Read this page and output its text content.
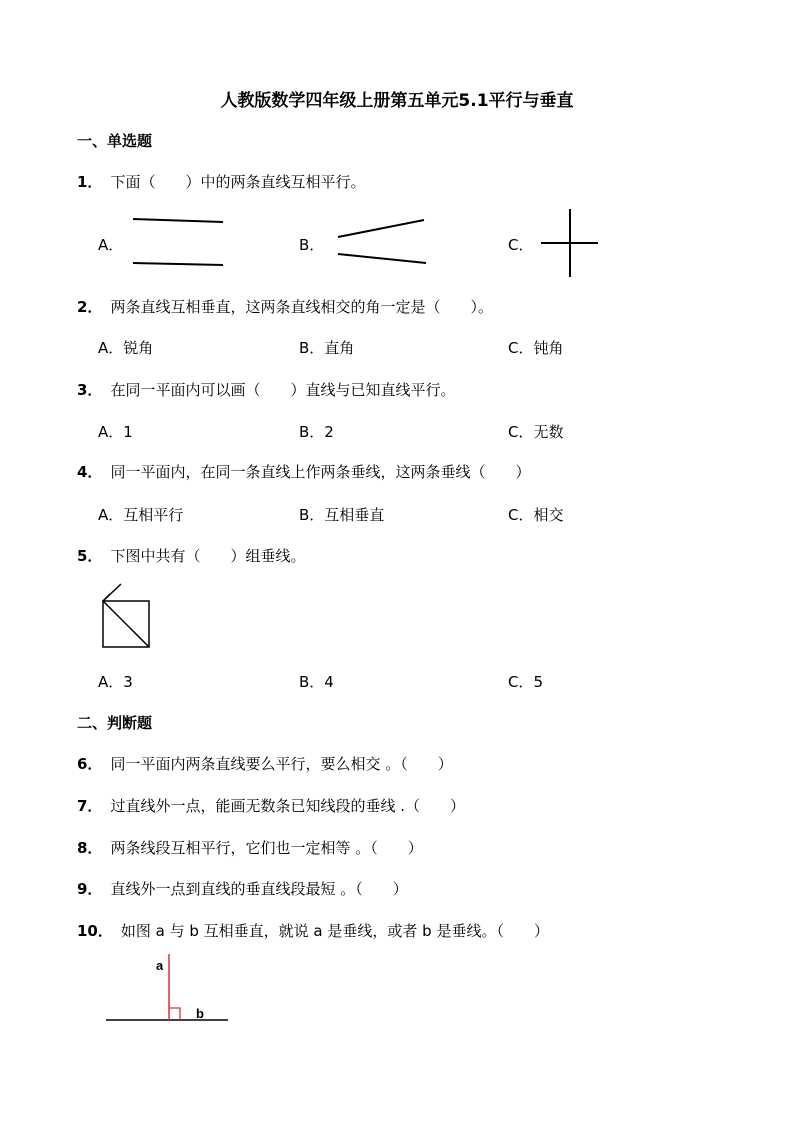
人教版数学四年级上册第五单元5.1平行与垂直
一、单选题
1． 下面（　　）中的两条直线互相平行。
A．	B．	C．
2． 两条直线互相垂直，这两条直线相交的角一定是（　　）。
A．锐角	B．直角	C．钝角
3． 在同一平面内可以画（　　）直线与已知直线平行。
A．1	B．2	C．无数
4． 同一平面内，在同一条直线上作两条垂线，这两条垂线（　　）
A．互相平行	B．互相垂直	C．相交
5． 下图中共有（　　）组垂线。
A．3	B．4	C．5
二、判断题
6． 同一平面内两条直线要么平行，要么相交 。（　　）
7． 过直线外一点，能画无数条已知线段的垂线 .（　　）
8． 两条线段互相平行，它们也一定相等 。（　　）
9． 直线外一点到直线的垂直线段最短 。（　　）
10． 如图 a 与 b 互相垂直，就说 a 是垂线，或者 b 是垂线。（　　）
a
b
